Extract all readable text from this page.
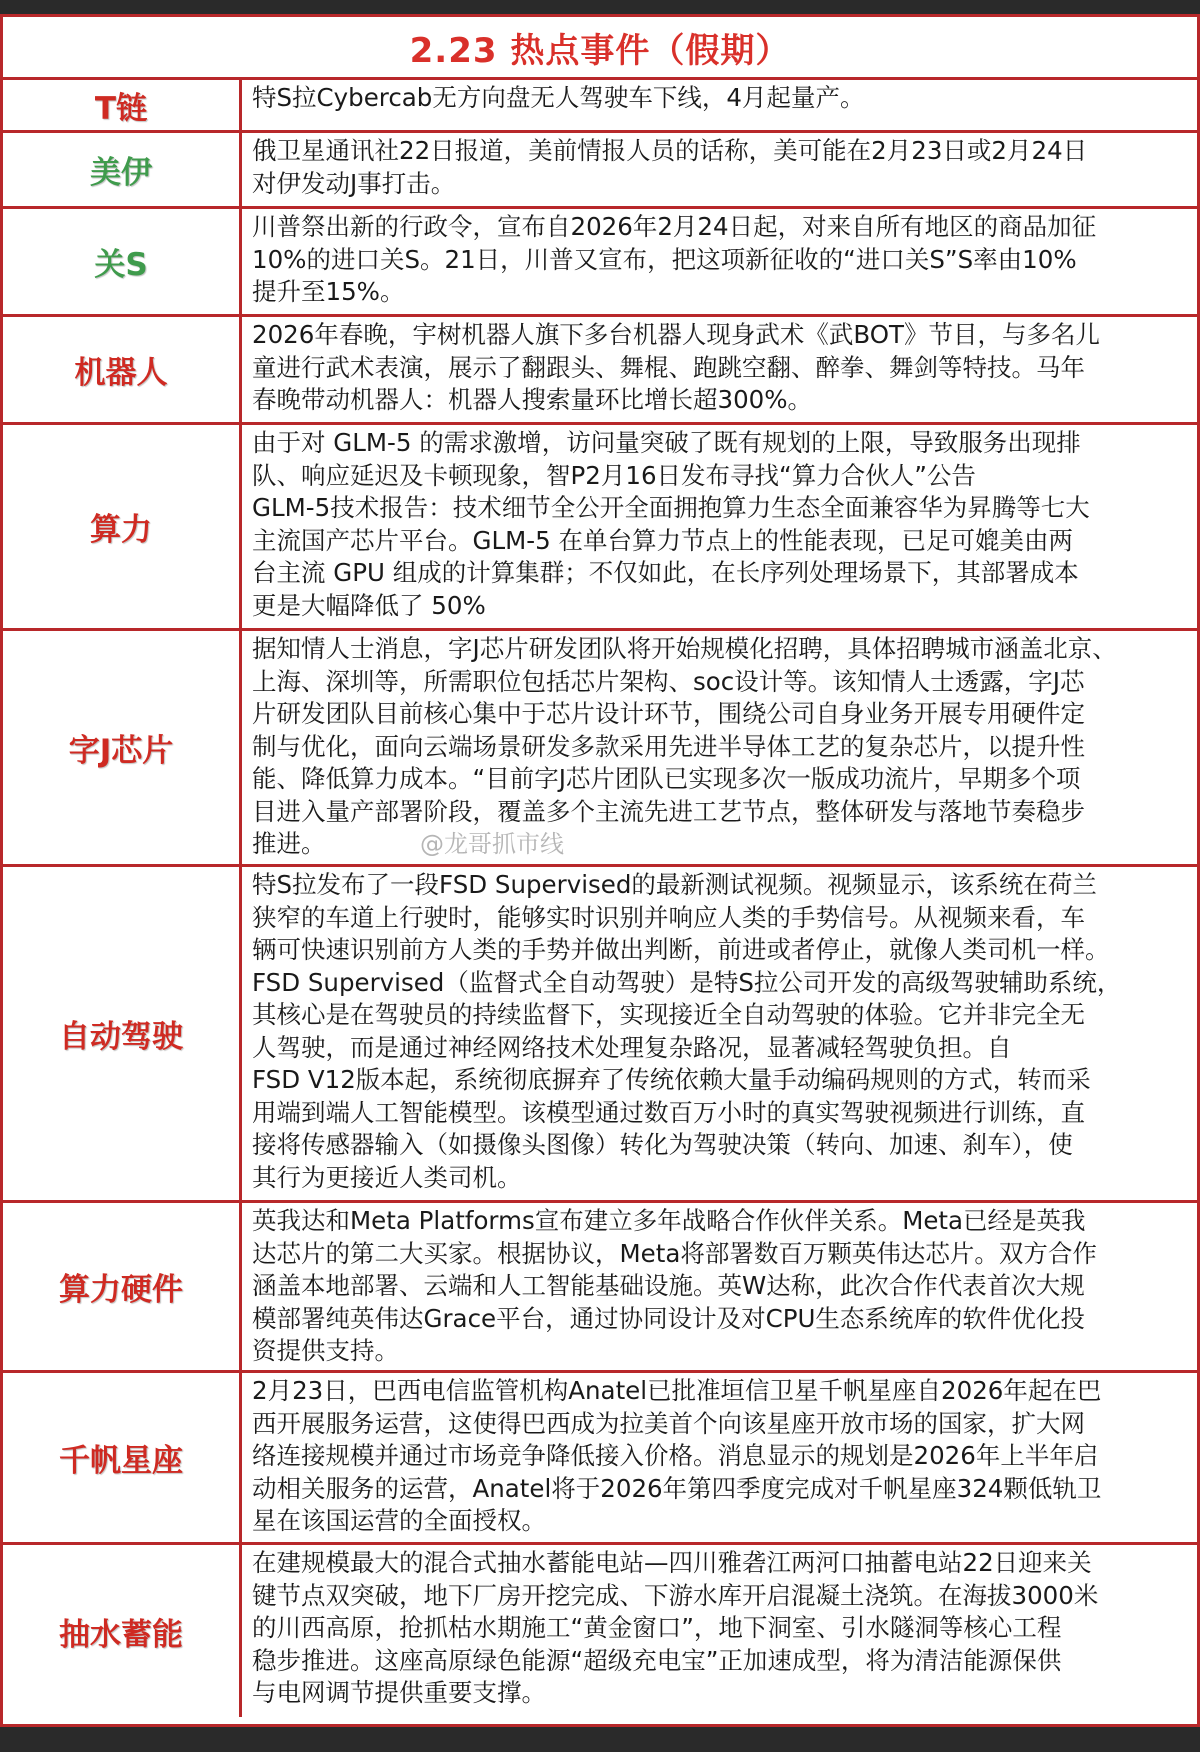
2.23 热点事件（假期）
T链	特S拉Cybercab无方向盘无人驾驶车下线，4月起量产。
美伊
俄卫星通讯社22日报道，美前情报人员的话称，美可能在2月23日或2月24日
对伊发动J事打击。
关S
川普祭出新的行政令，宣布自2026年2月24日起，对来自所有地区的商品加征
10%的进口关S。21日，川普又宣布，把这项新征收的“进口关S”S率由10%
提升至15%。
机器人
2026年春晚，宇树机器人旗下多台机器人现身武术《武BOT》节目，与多名儿
童进行武术表演，展示了翻跟头、舞棍、跑跳空翻、醉拳、舞剑等特技。马年
春晚带动机器人：机器人搜索量环比增长超300%。
算力
由于对 GLM-5 的需求激增，访问量突破了既有规划的上限，导致服务出现排
队、响应延迟及卡顿现象，智P2月16日发布寻找“算力合伙人”公告
GLM-5技术报告：技术细节全公开全面拥抱算力生态全面兼容华为昇腾等七大
主流国产芯片平台。GLM-5 在单台算力节点上的性能表现，已足可媲美由两
台主流 GPU 组成的计算集群；不仅如此，在长序列处理场景下，其部署成本
更是大幅降低了 50%
字J芯片
据知情人士消息，字J芯片研发团队将开始规模化招聘，具体招聘城市涵盖北京、
上海、深圳等，所需职位包括芯片架构、soc设计等。该知情人士透露，字J芯
片研发团队目前核心集中于芯片设计环节，围绕公司自身业务开展专用硬件定
制与优化，面向云端场景研发多款采用先进半导体工艺的复杂芯片，以提升性
能、降低算力成本。“目前字J芯片团队已实现多次一版成功流片，早期多个项
目进入量产部署阶段，覆盖多个主流先进工艺节点，整体研发与落地节奏稳步
推进。
自动驾驶
特S拉发布了一段FSD Supervised的最新测试视频。视频显示，该系统在荷兰
狭窄的车道上行驶时，能够实时识别并响应人类的手势信号。从视频来看，车
辆可快速识别前方人类的手势并做出判断，前进或者停止，就像人类司机一样。
FSD Supervised（监督式全自动驾驶）是特S拉公司开发的高级驾驶辅助系统，
其核心是在驾驶员的持续监督下，实现接近全自动驾驶的体验。它并非完全无
人驾驶，而是通过神经网络技术处理复杂路况，显著减轻驾驶负担。自
FSD V12版本起，系统彻底摒弃了传统依赖大量手动编码规则的方式，转而采
用端到端人工智能模型。该模型通过数百万小时的真实驾驶视频进行训练，直
接将传感器输入（如摄像头图像）转化为驾驶决策（转向、加速、刹车），使
其行为更接近人类司机。
算力硬件
英我达和Meta Platforms宣布建立多年战略合作伙伴关系。Meta已经是英我
达芯片的第二大买家。根据协议，Meta将部署数百万颗英伟达芯片。双方合作
涵盖本地部署、云端和人工智能基础设施。英W达称，此次合作代表首次大规
模部署纯英伟达Grace平台，通过协同设计及对CPU生态系统库的软件优化投
资提供支持。
千帆星座
2月23日，巴西电信监管机构Anatel已批准垣信卫星千帆星座自2026年起在巴
西开展服务运营，这使得巴西成为拉美首个向该星座开放市场的国家，扩大网
络连接规模并通过市场竞争降低接入价格。消息显示的规划是2026年上半年启
动相关服务的运营，Anatel将于2026年第四季度完成对千帆星座324颗低轨卫
星在该国运营的全面授权。
抽水蓄能
在建规模最大的混合式抽水蓄能电站—四川雅砻江两河口抽蓄电站22日迎来关
键节点双突破，地下厂房开挖完成、下游水库开启混凝土浇筑。在海拔3000米
的川西高原，抢抓枯水期施工“黄金窗口”，地下洞室、引水隧洞等核心工程
稳步推进。这座高原绿色能源“超级充电宝”正加速成型，将为清洁能源保供
与电网调节提供重要支撑。
@龙哥抓市线
